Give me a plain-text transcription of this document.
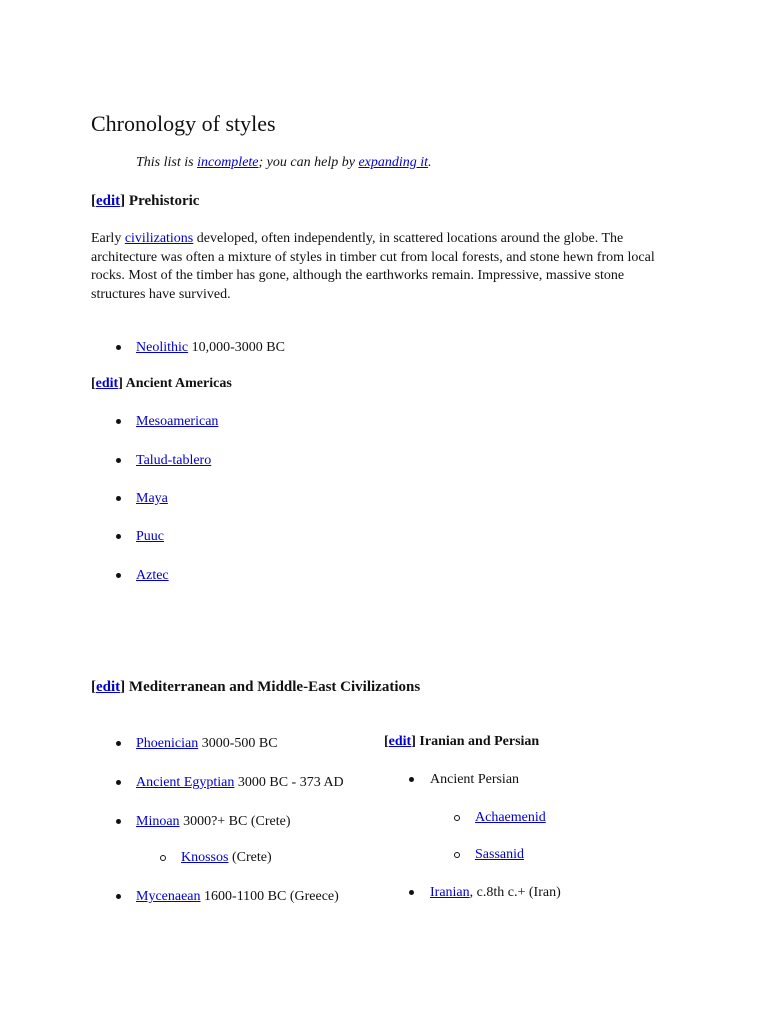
Chronology of styles
This list is incomplete; you can help by expanding it.
[edit] Prehistoric

Early civilizations developed, often independently, in scattered locations around the globe. The architecture was often a mixture of styles in timber cut from local forests, and stone hewn from local rocks. Most of the timber has gone, although the earthworks remain. Impressive, massive stone structures have survived.

Neolithic 10,000-3000 BC
[edit] Ancient Americas
Mesoamerican
Talud-tablero
Maya
Puuc
Aztec
[edit] Mediterranean and Middle-East Civilizations
Phoenician 3000-500 BC
Ancient Egyptian 3000 BC - 373 AD
Minoan 3000?+ BC (Crete)
Knossos (Crete)
Mycenaean 1600-1100 BC (Greece)
[edit] Iranian and Persian
Ancient Persian
Achaemenid
Sassanid
Iranian, c.8th c.+ (Iran)
